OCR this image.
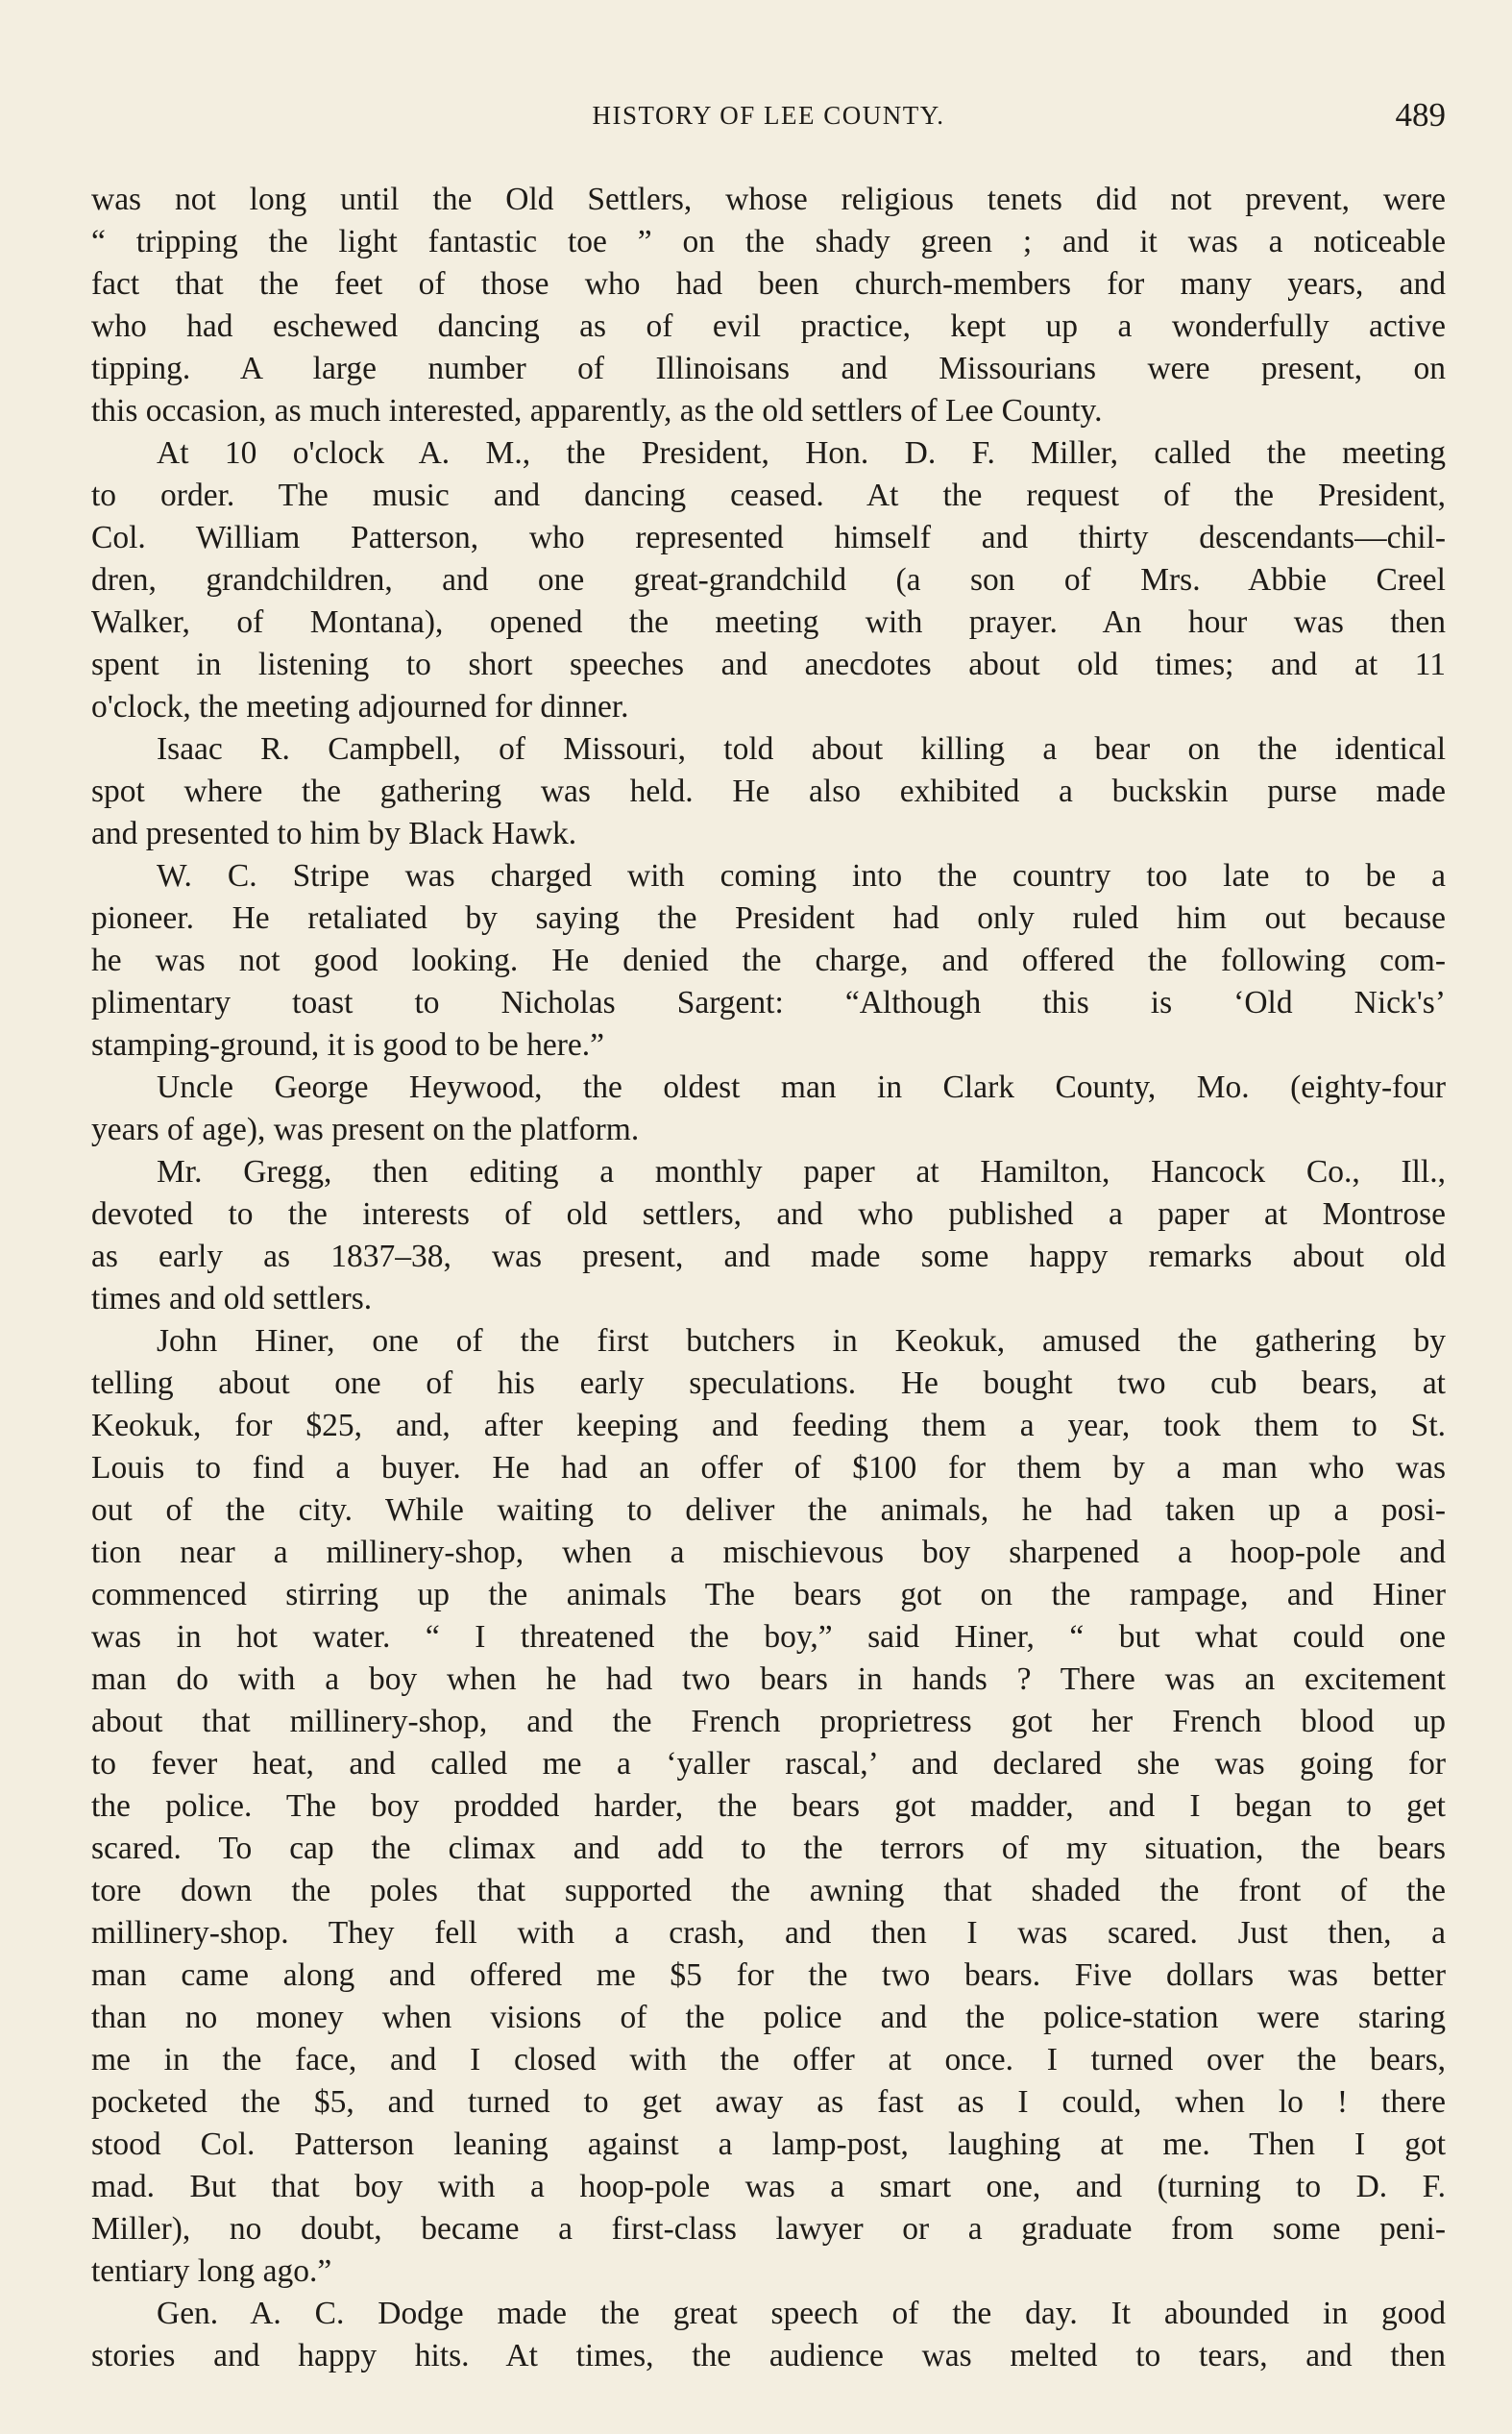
HISTORY OF LEE COUNTY.	489
was not long until the Old Settlers, whose religious tenets did not prevent, were
“ tripping the light fantastic toe ” on the shady green ; and it was a noticeable
fact that the feet of those who had been church-members for many years, and
who had eschewed dancing as of evil practice, kept up a wonderfully active
tipping. A large number of Illinoisans and Missourians were present, on
this occasion, as much interested, apparently, as the old settlers of Lee County.
At 10 o'clock A. M., the President, Hon. D. F. Miller, called the meeting
to order. The music and dancing ceased. At the request of the President,
Col. William Patterson, who represented himself and thirty descendants—chil-
dren, grandchildren, and one great-grandchild (a son of Mrs. Abbie Creel
Walker, of Montana), opened the meeting with prayer. An hour was then
spent in listening to short speeches and anecdotes about old times; and at 11
o'clock, the meeting adjourned for dinner.
Isaac R. Campbell, of Missouri, told about killing a bear on the identical
spot where the gathering was held. He also exhibited a buckskin purse made
and presented to him by Black Hawk.
W. C. Stripe was charged with coming into the country too late to be a
pioneer. He retaliated by saying the President had only ruled him out because
he was not good looking. He denied the charge, and offered the following com-
plimentary toast to Nicholas Sargent: “Although this is ‘Old Nick's’
stamping-ground, it is good to be here.”
Uncle George Heywood, the oldest man in Clark County, Mo. (eighty-four
years of age), was present on the platform.
Mr. Gregg, then editing a monthly paper at Hamilton, Hancock Co., Ill.,
devoted to the interests of old settlers, and who published a paper at Montrose
as early as 1837–38, was present, and made some happy remarks about old
times and old settlers.
John Hiner, one of the first butchers in Keokuk, amused the gathering by
telling about one of his early speculations. He bought two cub bears, at
Keokuk, for $25, and, after keeping and feeding them a year, took them to St.
Louis to find a buyer. He had an offer of $100 for them by a man who was
out of the city. While waiting to deliver the animals, he had taken up a posi-
tion near a millinery-shop, when a mischievous boy sharpened a hoop-pole and
commenced stirring up the animals The bears got on the rampage, and Hiner
was in hot water. “ I threatened the boy,” said Hiner, “ but what could one
man do with a boy when he had two bears in hands ? There was an excitement
about that millinery-shop, and the French proprietress got her French blood up
to fever heat, and called me a ‘yaller rascal,’ and declared she was going for
the police. The boy prodded harder, the bears got madder, and I began to get
scared. To cap the climax and add to the terrors of my situation, the bears
tore down the poles that supported the awning that shaded the front of the
millinery-shop. They fell with a crash, and then I was scared. Just then, a
man came along and offered me $5 for the two bears. Five dollars was better
than no money when visions of the police and the police-station were staring
me in the face, and I closed with the offer at once. I turned over the bears,
pocketed the $5, and turned to get away as fast as I could, when lo ! there
stood Col. Patterson leaning against a lamp-post, laughing at me. Then I got
mad. But that boy with a hoop-pole was a smart one, and (turning to D. F.
Miller), no doubt, became a first-class lawyer or a graduate from some peni-
tentiary long ago.”
Gen. A. C. Dodge made the great speech of the day. It abounded in good
stories and happy hits. At times, the audience was melted to tears, and then
